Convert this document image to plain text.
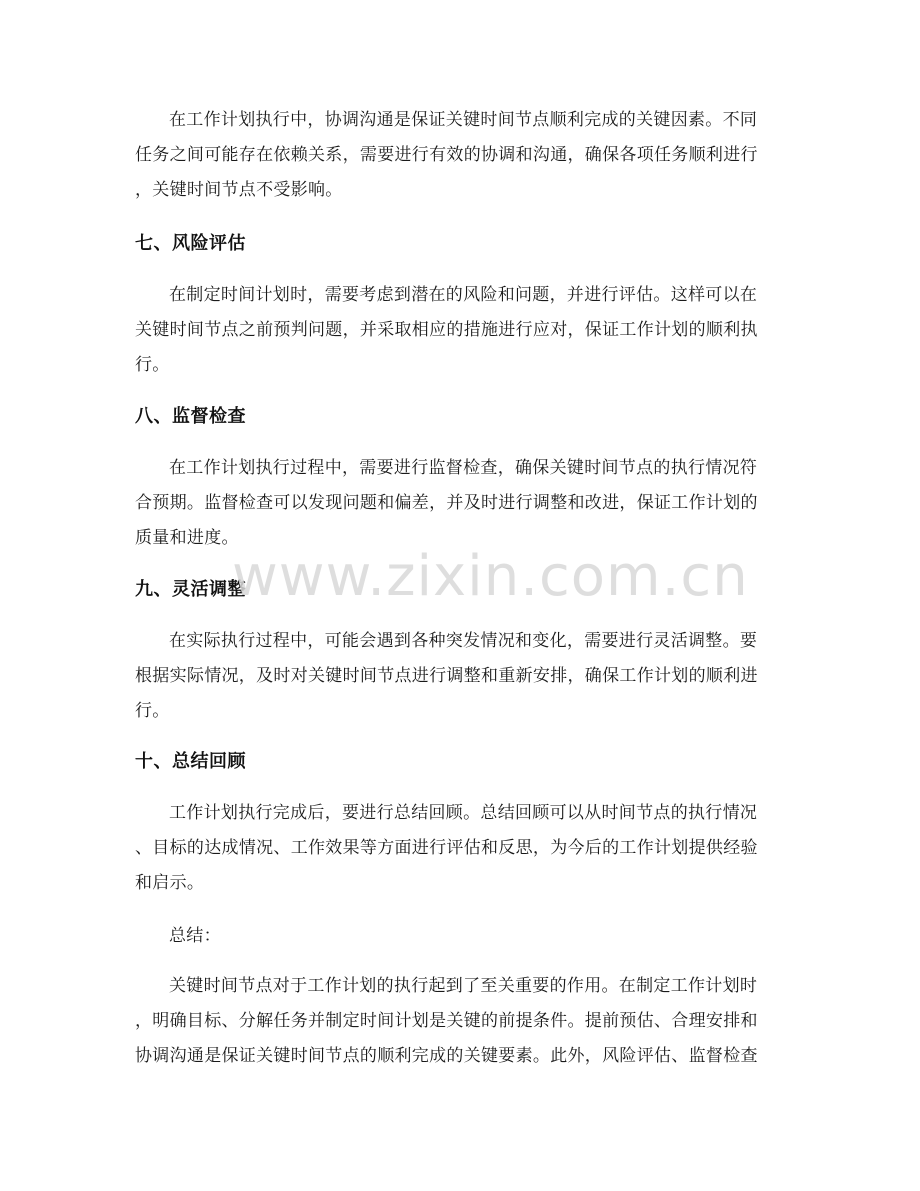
在工作计划执行中，协调沟通是保证关键时间节点顺利完成的关键因素。不同
任务之间可能存在依赖关系，需要进行有效的协调和沟通，确保各项任务顺利进行
，关键时间节点不受影响。
七、风险评估
在制定时间计划时，需要考虑到潜在的风险和问题，并进行评估。这样可以在
关键时间节点之前预判问题，并采取相应的措施进行应对，保证工作计划的顺利执
行。
八、监督检查
在工作计划执行过程中，需要进行监督检查，确保关键时间节点的执行情况符
合预期。监督检查可以发现问题和偏差，并及时进行调整和改进，保证工作计划的
质量和进度。
九、灵活调整
在实际执行过程中，可能会遇到各种突发情况和变化，需要进行灵活调整。要
根据实际情况，及时对关键时间节点进行调整和重新安排，确保工作计划的顺利进
行。
十、总结回顾
工作计划执行完成后，要进行总结回顾。总结回顾可以从时间节点的执行情况
、目标的达成情况、工作效果等方面进行评估和反思，为今后的工作计划提供经验
和启示。
总结：
关键时间节点对于工作计划的执行起到了至关重要的作用。在制定工作计划时
，明确目标、分解任务并制定时间计划是关键的前提条件。提前预估、合理安排和
协调沟通是保证关键时间节点的顺利完成的关键要素。此外，风险评估、监督检查
www.zixin.com.cn
